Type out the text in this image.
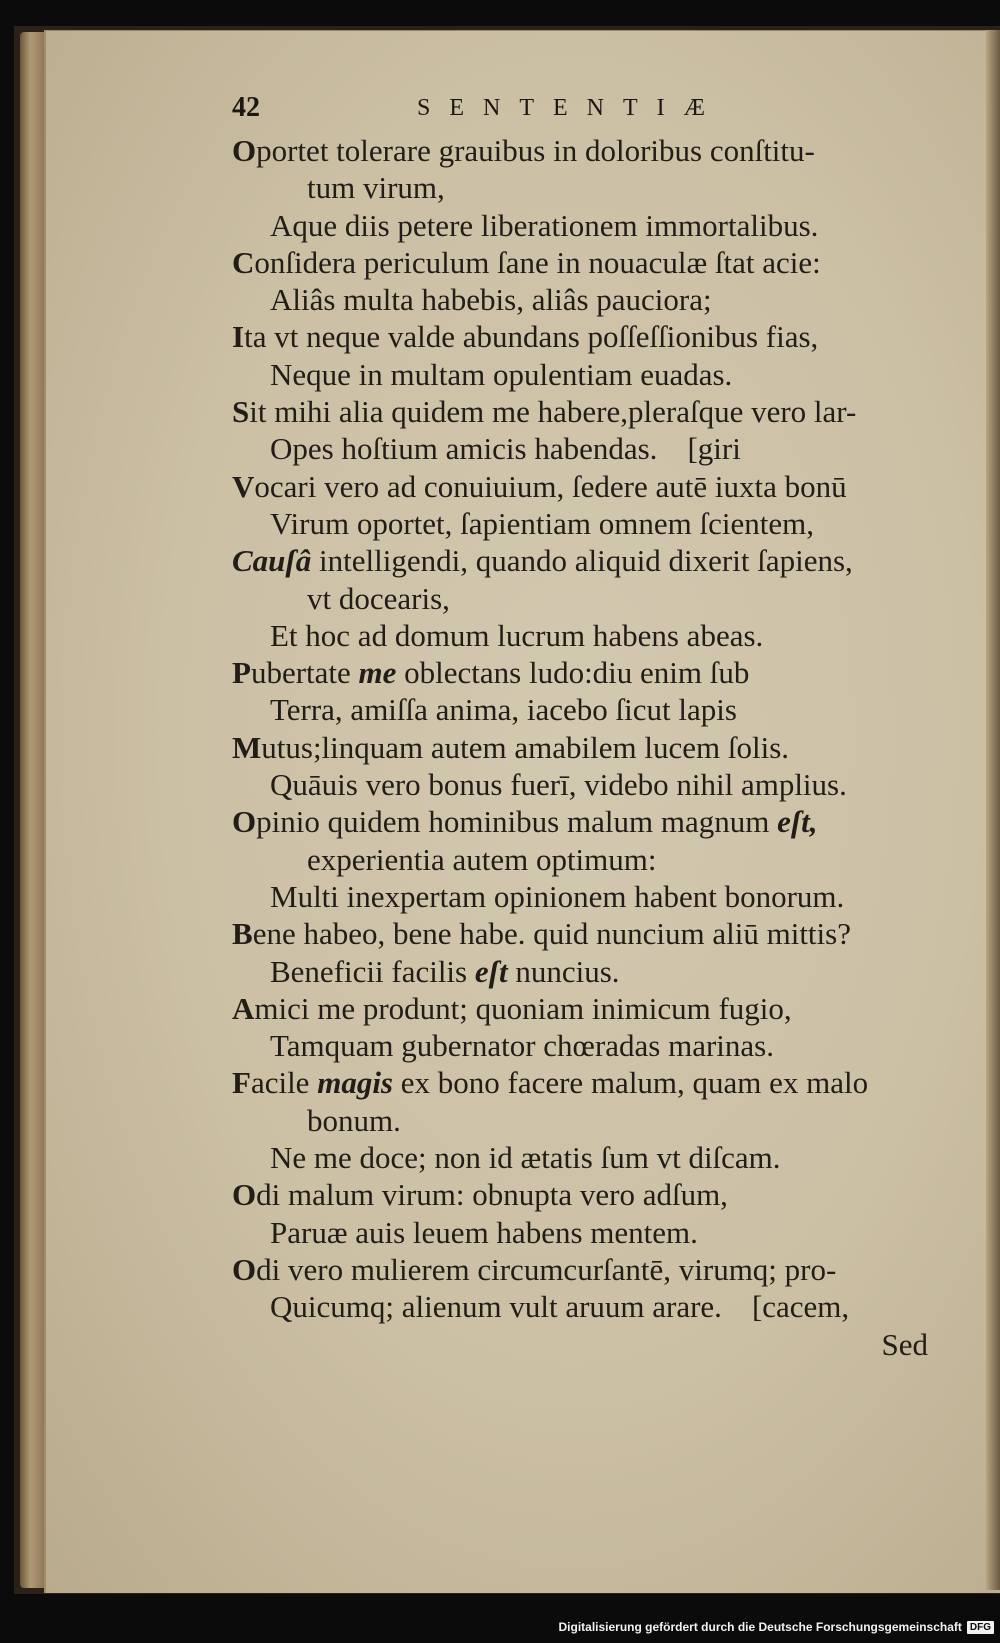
42	SENTENTIÆ
Oportet tolerare grauibus in doloribus conſtitu-
tum virum,
Aque diis petere liberationem immortalibus.
Conſidera periculum ſane in nouaculæ ſtat acie:
Aliâs multa habebis, aliâs pauciora;
Ita vt neque valde abundans poſſeſſionibus fias,
Neque in multam opulentiam euadas.
Sit mihi alia quidem me habere,pleraſque vero lar-
Opes hoſtium amicis habendas. [giri
Vocari vero ad conuiuium, ſedere autē iuxta bonū
Virum oportet, ſapientiam omnem ſcientem,
Cauſâ intelligendi, quando aliquid dixerit ſapiens,
vt docearis,
Et hoc ad domum lucrum habens abeas.
Pubertate me oblectans ludo:diu enim ſub
Terra, amiſſa anima, iacebo ſicut lapis
Mutus;linquam autem amabilem lucem ſolis.
Quāuis vero bonus fuerī, videbo nihil amplius.
Opinio quidem hominibus malum magnum eſt,
experientia autem optimum:
Multi inexpertam opinionem habent bonorum.
Bene habeo, bene habe. quid nuncium aliū mittis?
Beneficii facilis eſt nuncius.
Amici me produnt; quoniam inimicum fugio,
Tamquam gubernator chœradas marinas.
Facile magis ex bono facere malum, quam ex malo
bonum.
Ne me doce; non id ætatis ſum vt diſcam.
Odi malum virum: obnupta vero adſum,
Paruæ auis leuem habens mentem.
Odi vero mulierem circumcurſantē, virumq; pro-
Quicumq; alienum vult aruum arare. [cacem,
Sed
Digitalisierung gefördert durch die Deutsche Forschungsgemeinschaft DFG
